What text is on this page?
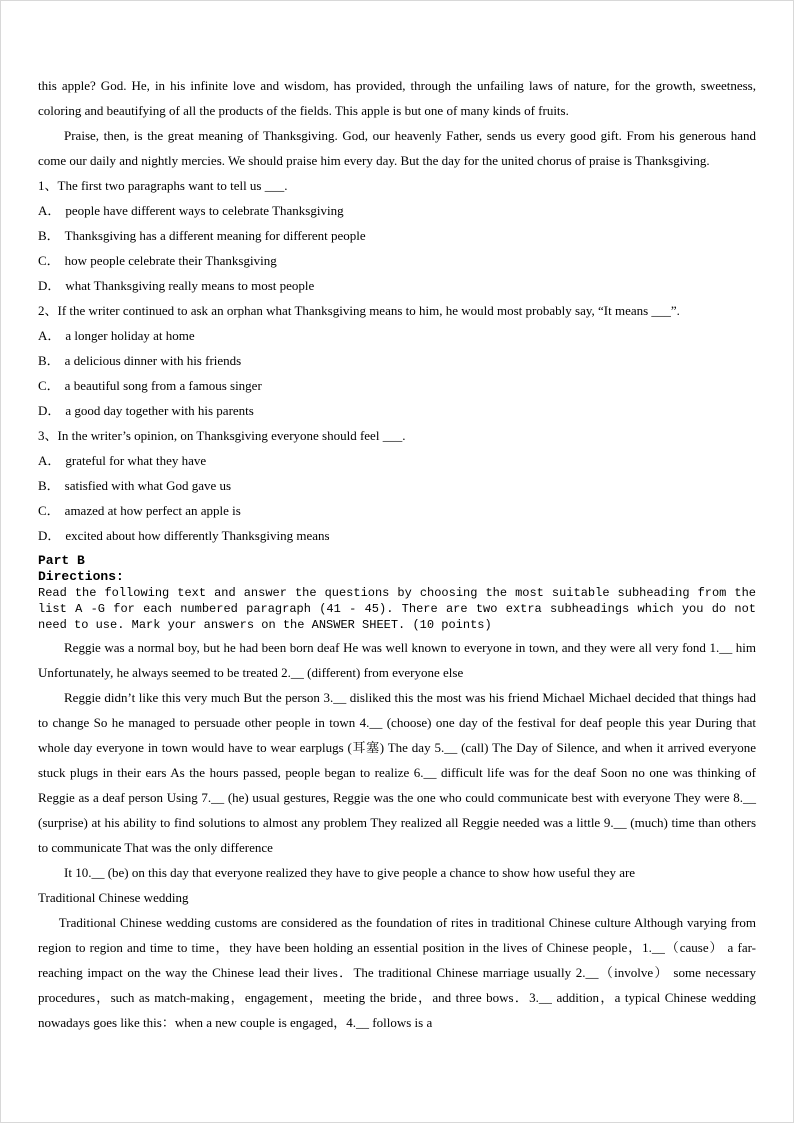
this apple? God. He, in his infinite love and wisdom, has provided, through the unfailing laws of nature, for the growth, sweetness, coloring and beautifying of all the products of the fields. This apple is but one of many kinds of fruits.

Praise, then, is the great meaning of Thanksgiving. God, our heavenly Father, sends us every good gift. From his generous hand come our daily and nightly mercies. We should praise him every day. But the day for the united chorus of praise is Thanksgiving.

1、The first two paragraphs want to tell us ___.

A． people have different ways to celebrate Thanksgiving

B． Thanksgiving has a different meaning for different people

C． how people celebrate their Thanksgiving

D． what Thanksgiving really means to most people

2、If the writer continued to ask an orphan what Thanksgiving means to him, he would most probably say, “It means ___”.

A． a longer holiday at home

B． a delicious dinner with his friends

C． a beautiful song from a famous singer

D． a good day together with his parents

3、In the writer’s opinion, on Thanksgiving everyone should feel ___.

A． grateful for what they have

B． satisfied with what God gave us

C． amazed at how perfect an apple is

D． excited about how differently Thanksgiving means

Part B

Directions:

Read the following text and answer the questions by choosing the most suitable subheading from the list A -G for each numbered paragraph (41 - 45). There are two extra subheadings which you do not need to use. Mark your answers on the ANSWER SHEET. (10 points)

Reggie was a normal boy, but he had been born deaf He was well known to everyone in town, and they were all very fond 1.__ him Unfortunately, he always seemed to be treated 2.__ (different) from everyone else

Reggie didn’t like this very much But the person 3.__ disliked this the most was his friend Michael Michael decided that things had to change So he managed to persuade other people in town 4.__ (choose) one day of the festival for deaf people this year During that whole day everyone in town would have to wear earplugs (耳塞) The day 5.__ (call) The Day of Silence, and when it arrived everyone stuck plugs in their ears As the hours passed, people began to realize 6.__ difficult life was for the deaf Soon no one was thinking of Reggie as a deaf person Using 7.__ (he) usual gestures, Reggie was the one who could communicate best with everyone They were 8.__ (surprise) at his ability to find solutions to almost any problem They realized all Reggie needed was a little 9.__ (much) time than others to communicate That was the only difference

It 10.__ (be) on this day that everyone realized they have to give people a chance to show how useful they are

Traditional Chinese wedding

Traditional Chinese wedding customs are considered as the foundation of rites in traditional Chinese culture Although varying from region to region and time to time，they have been holding an essential position in the lives of Chinese people，1.__（cause） a far-reaching impact on the way the Chinese lead their lives．The traditional Chinese marriage usually 2.__（involve） some necessary procedures，such as match-making，engagement，meeting the bride，and three bows．3.__ addition，a typical Chinese wedding nowadays goes like this：when a new couple is engaged，4.__ follows is a
